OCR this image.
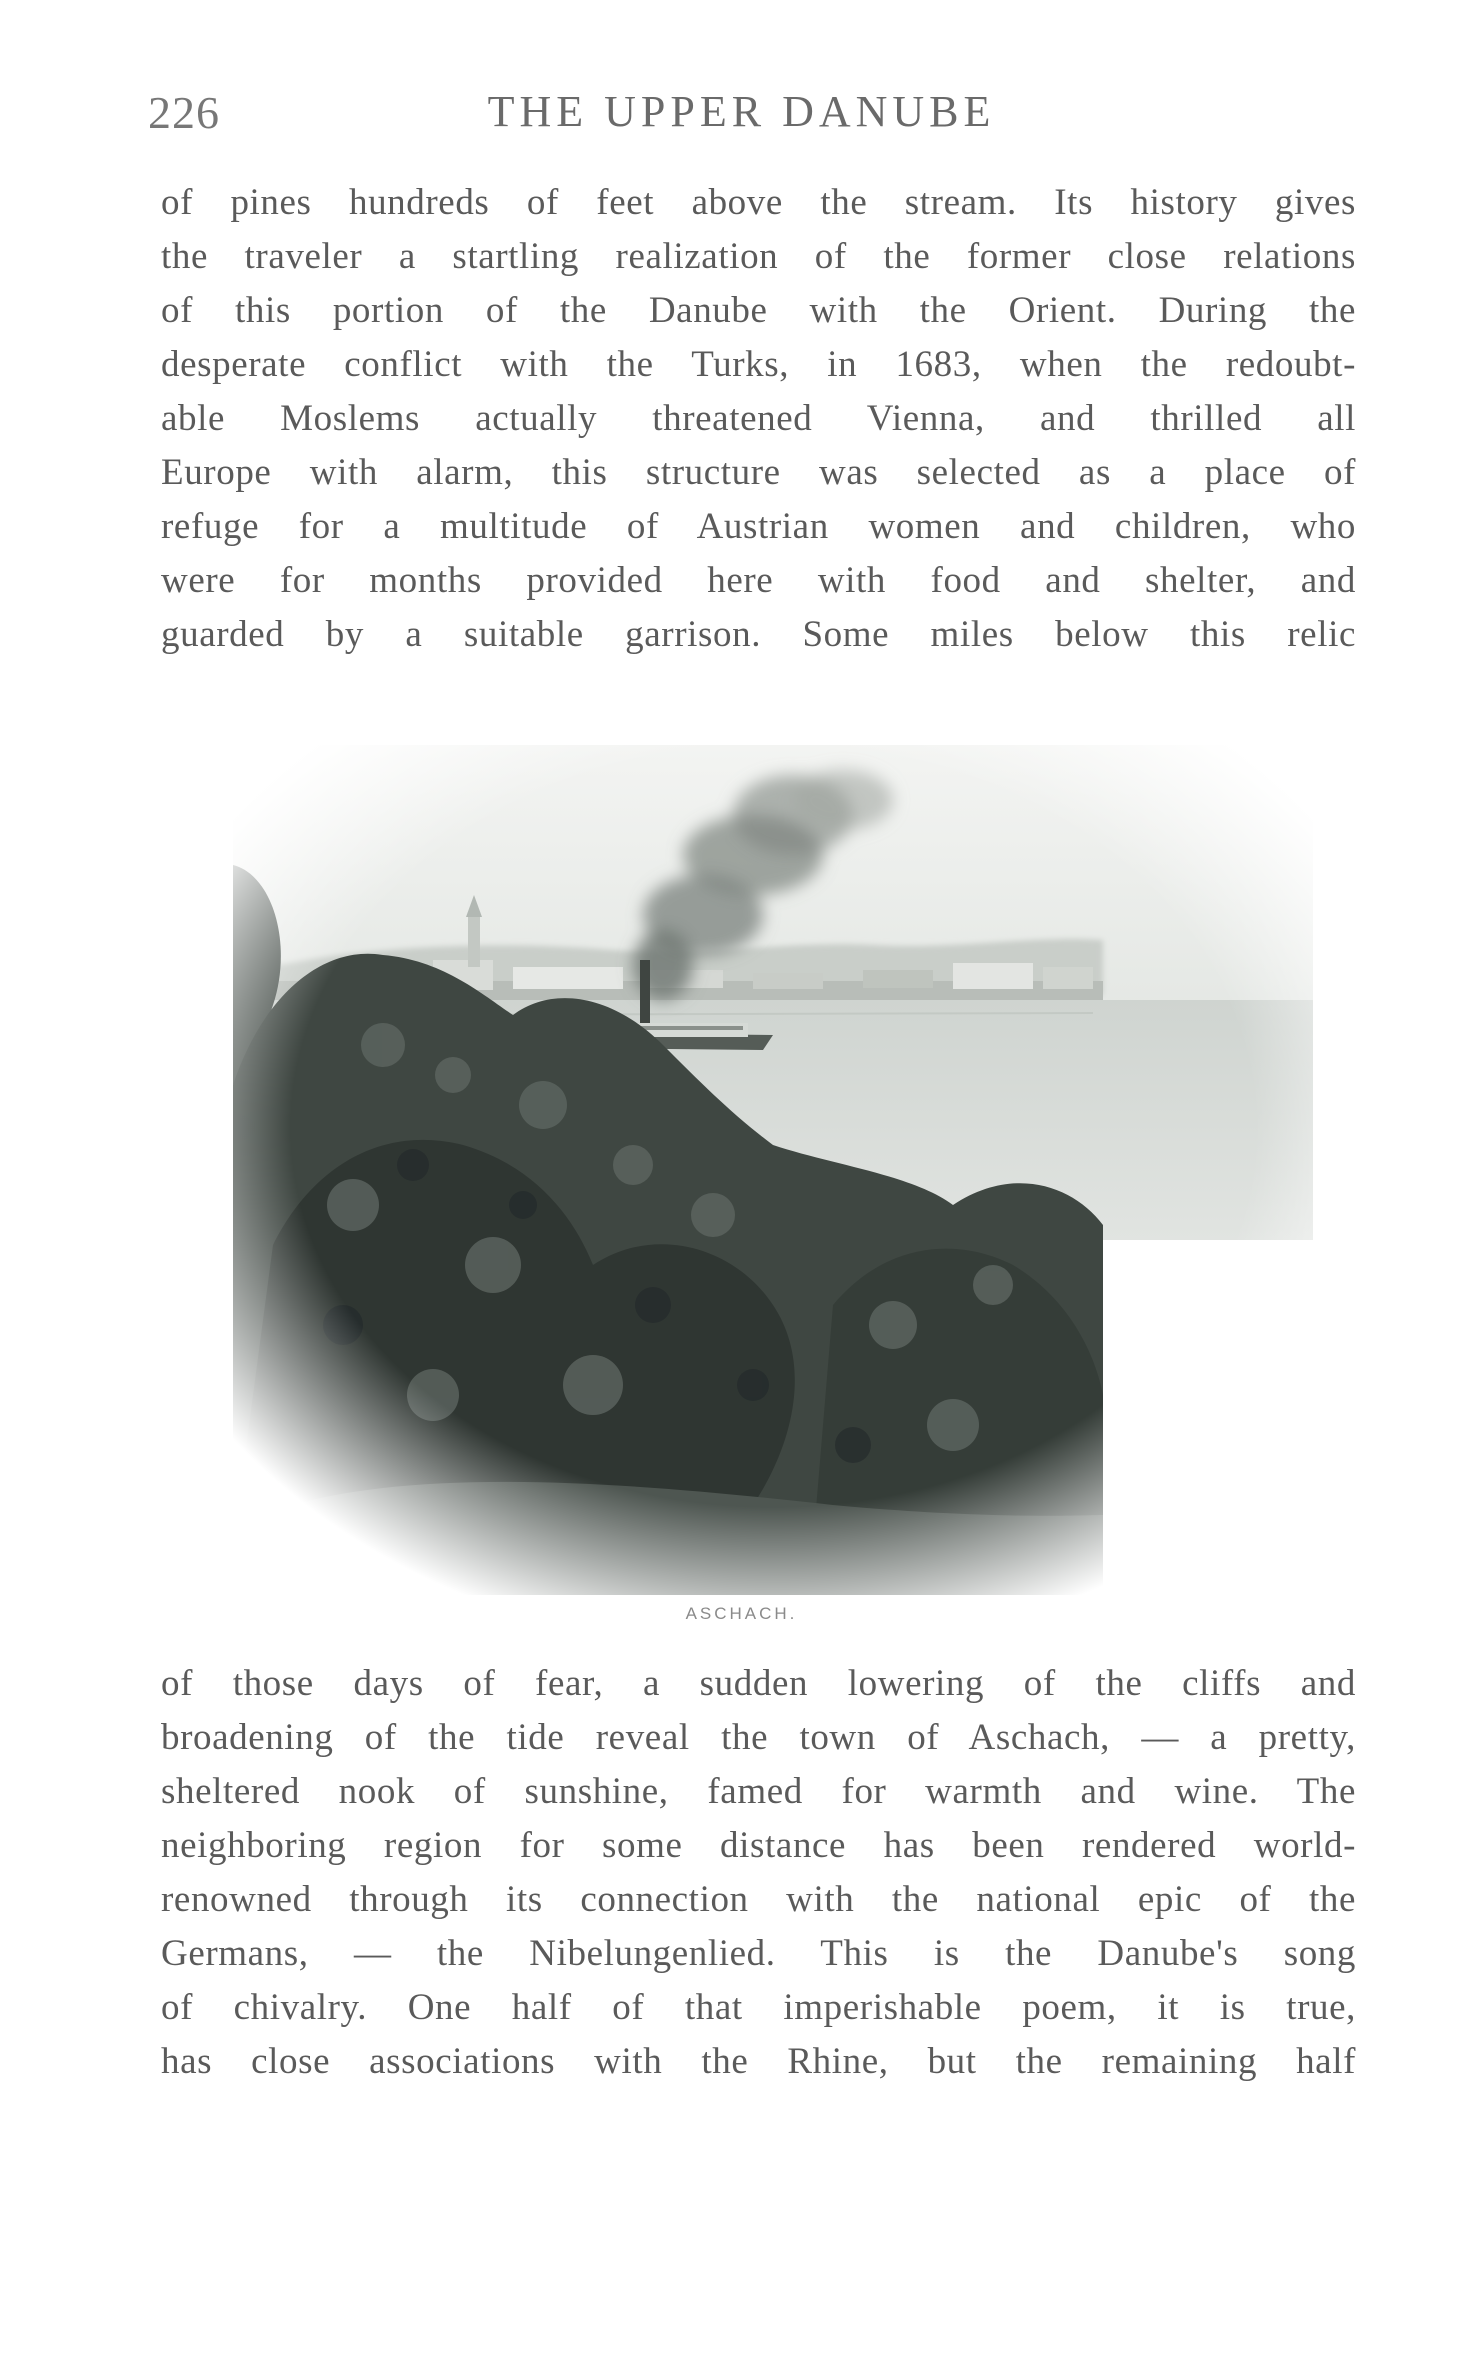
226	THE UPPER DANUBE
of pines hundreds of feet above the stream. Its history gives
the traveler a startling realization of the former close relations
of this portion of the Danube with the Orient. During the
desperate conflict with the Turks, in 1683, when the redoubt-
able Moslems actually threatened Vienna, and thrilled all
Europe with alarm, this structure was selected as a place of
refuge for a multitude of Austrian women and children, who
were for months provided here with food and shelter, and
guarded by a suitable garrison. Some miles below this relic
ASCHACH.
of those days of fear, a sudden lowering of the cliffs and
broadening of the tide reveal the town of Aschach, — a pretty,
sheltered nook of sunshine, famed for warmth and wine. The
neighboring region for some distance has been rendered world-
renowned through its connection with the national epic of the
Germans, — the Nibelungenlied. This is the Danube's song
of chivalry. One half of that imperishable poem, it is true,
has close associations with the Rhine, but the remaining half
